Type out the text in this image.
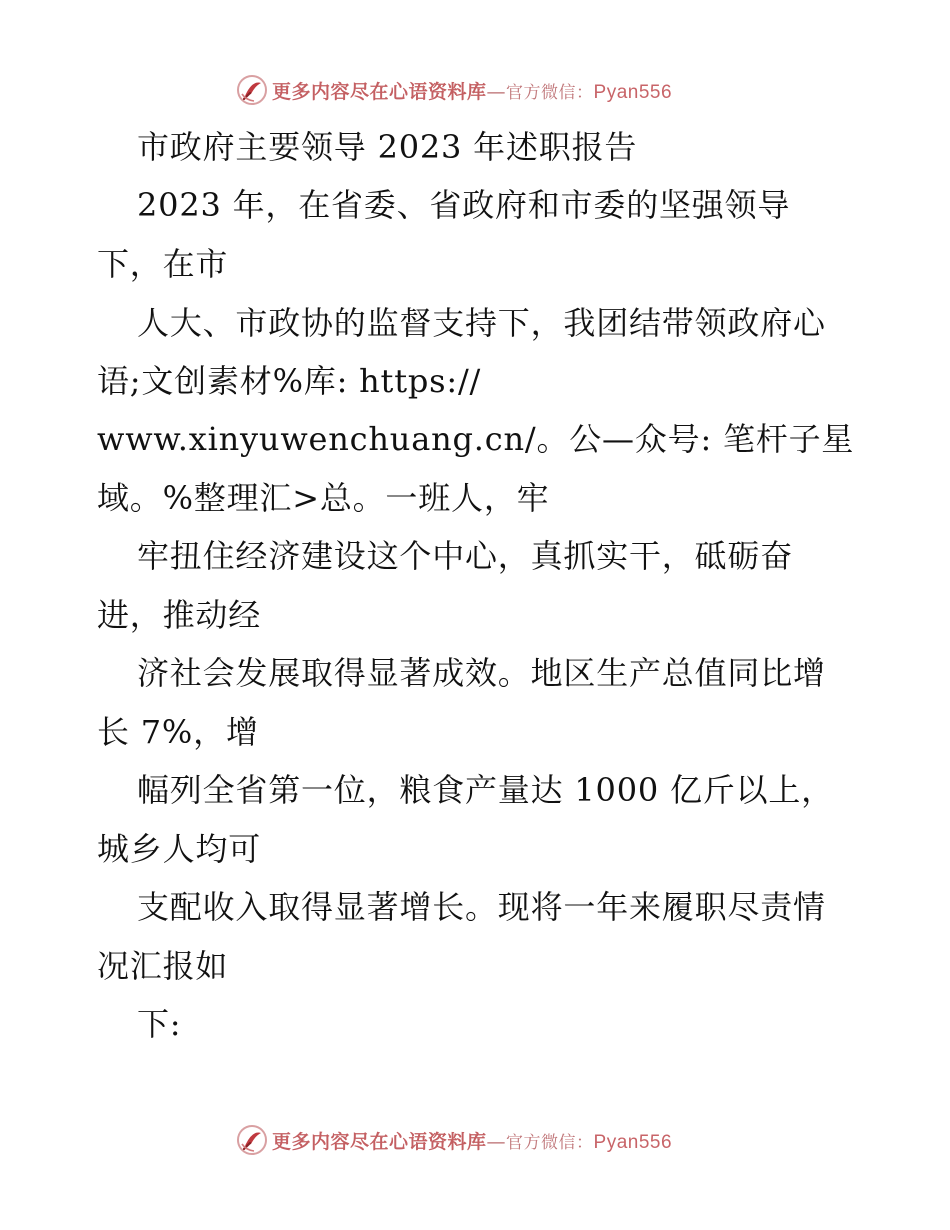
更多内容尽在心语资料库—官方微信：Pyan556
市政府主要领导 2023 年述职报告
2023 年，在省委、省政府和市委的坚强领导
下，在市
人大、市政协的监督支持下，我团结带领政府心
语;文创素材%库: https://
www.xinyuwenchuang.cn/。公—众号: 笔杆子星
域。%整理汇>总。一班人，牢
牢扭住经济建设这个中心，真抓实干，砥砺奋
进，推动经
济社会发展取得显著成效。地区生产总值同比增
长 7%，增
幅列全省第一位，粮食产量达 1000 亿斤以上，
城乡人均可
支配收入取得显著增长。现将一年来履职尽责情
况汇报如
下:
更多内容尽在心语资料库—官方微信：Pyan556
